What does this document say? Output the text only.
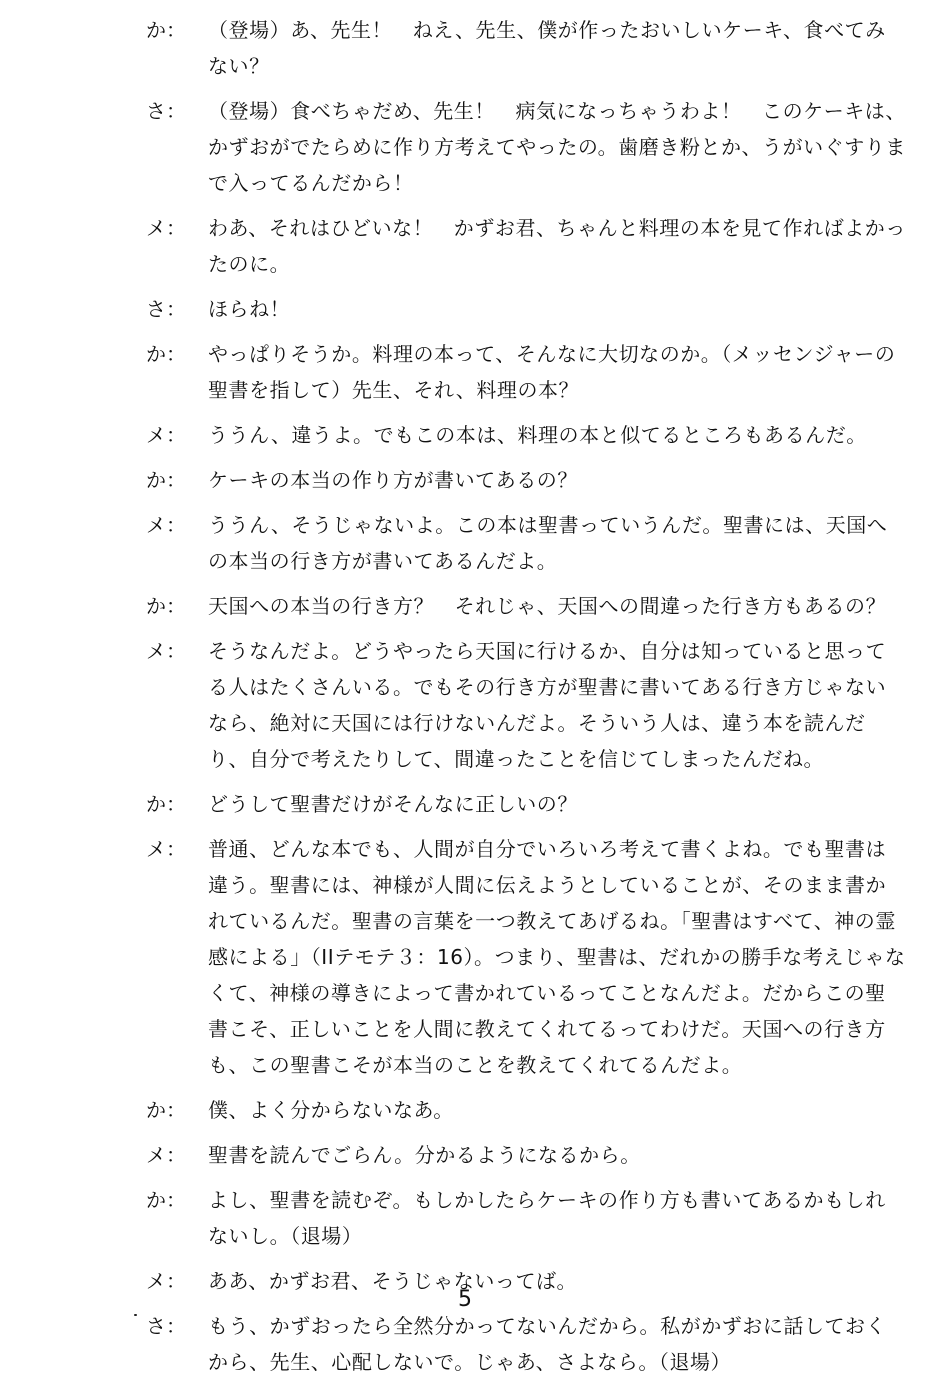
か：	（登場）あ、先生！　ねえ、先生、僕が作ったおいしいケーキ、食べてみない？
さ：	（登場）食べちゃだめ、先生！　病気になっちゃうわよ！　このケーキは、かずおがでたらめに作り方考えてやったの。歯磨き粉とか、うがいぐすりまで入ってるんだから！
メ：	わあ、それはひどいな！　かずお君、ちゃんと料理の本を見て作ればよかったのに。
さ：	ほらね！
か：	やっぱりそうか。料理の本って、そんなに大切なのか。（メッセンジャーの聖書を指して）先生、それ、料理の本？
メ：	ううん、違うよ。でもこの本は、料理の本と似てるところもあるんだ。
か：	ケーキの本当の作り方が書いてあるの？
メ：	ううん、そうじゃないよ。この本は聖書っていうんだ。聖書には、天国への本当の行き方が書いてあるんだよ。
か：	天国への本当の行き方？　それじゃ、天国への間違った行き方もあるの？
メ：	そうなんだよ。どうやったら天国に行けるか、自分は知っていると思ってる人はたくさんいる。でもその行き方が聖書に書いてある行き方じゃないなら、絶対に天国には行けないんだよ。そういう人は、違う本を読んだり、自分で考えたりして、間違ったことを信じてしまったんだね。
か：	どうして聖書だけがそんなに正しいの？
メ：	普通、どんな本でも、人間が自分でいろいろ考えて書くよね。でも聖書は違う。聖書には、神様が人間に伝えようとしていることが、そのまま書かれているんだ。聖書の言葉を一つ教えてあげるね。「聖書はすべて、神の霊感による」（IIテモテ３：16）。つまり、聖書は、だれかの勝手な考えじゃなくて、神様の導きによって書かれているってことなんだよ。だからこの聖書こそ、正しいことを人間に教えてくれてるってわけだ。天国への行き方も、この聖書こそが本当のことを教えてくれてるんだよ。
か：	僕、よく分からないなあ。
メ：	聖書を読んでごらん。分かるようになるから。
か：	よし、聖書を読むぞ。もしかしたらケーキの作り方も書いてあるかもしれないし。（退場）
メ：	ああ、かずお君、そうじゃないってば。
さ：	もう、かずおったら全然分かってないんだから。私がかずおに話しておくから、先生、心配しないで。じゃあ、さよなら。（退場）
5
